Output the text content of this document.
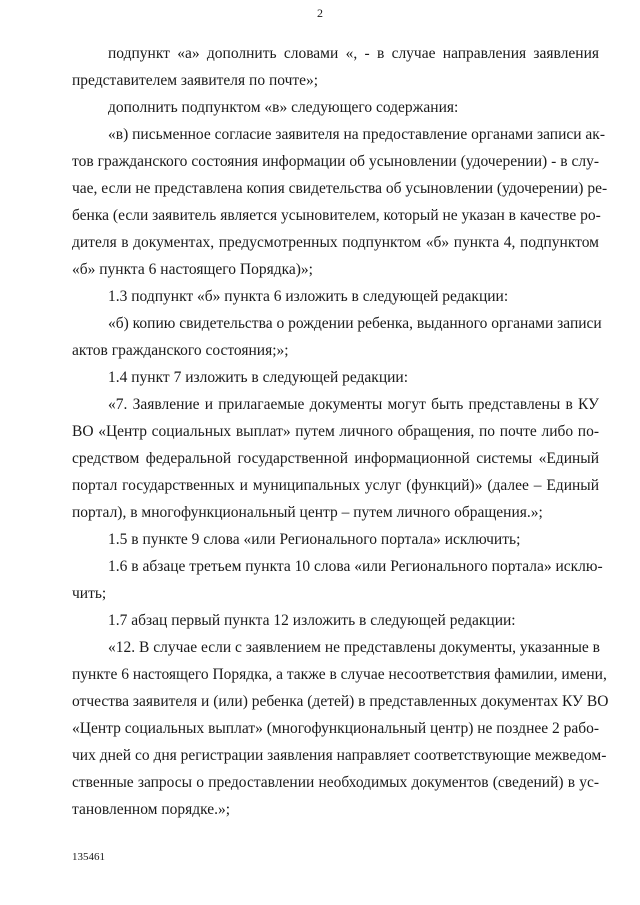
2
подпункт «а» дополнить словами «, - в случае направления заявления
представителем заявителя по почте»;
дополнить подпунктом «в» следующего содержания:
«в) письменное согласие заявителя на предоставление органами записи ак-
тов гражданского состояния информации об усыновлении (удочерении) - в слу-
чае, если не представлена копия свидетельства об усыновлении (удочерении) ре-
бенка (если заявитель является усыновителем, который не указан в качестве ро-
дителя в документах, предусмотренных подпунктом «б» пункта 4, подпунктом
«б» пункта 6 настоящего Порядка)»;
1.3 подпункт «б» пункта 6 изложить в следующей редакции:
«б) копию свидетельства о рождении ребенка, выданного органами записи
актов гражданского состояния;»;
1.4 пункт 7 изложить в следующей редакции:
«7. Заявление и прилагаемые документы могут быть представлены в КУ
ВО «Центр социальных выплат» путем личного обращения, по почте либо по-
средством федеральной государственной информационной системы «Единый
портал государственных и муниципальных услуг (функций)» (далее – Единый
портал), в многофункциональный центр – путем личного обращения.»;
1.5 в пункте 9 слова «или Регионального портала» исключить;
1.6 в абзаце третьем пункта 10 слова «или Регионального портала» исклю-
чить;
1.7 абзац первый пункта 12 изложить в следующей редакции:
«12. В случае если с заявлением не представлены документы, указанные в
пункте 6 настоящего Порядка, а также в случае несоответствия фамилии, имени,
отчества заявителя и (или) ребенка (детей) в представленных документах КУ ВО
«Центр социальных выплат» (многофункциональный центр) не позднее 2 рабо-
чих дней со дня регистрации заявления направляет соответствующие межведом-
ственные запросы о предоставлении необходимых документов (сведений) в ус-
тановленном порядке.»;
135461
